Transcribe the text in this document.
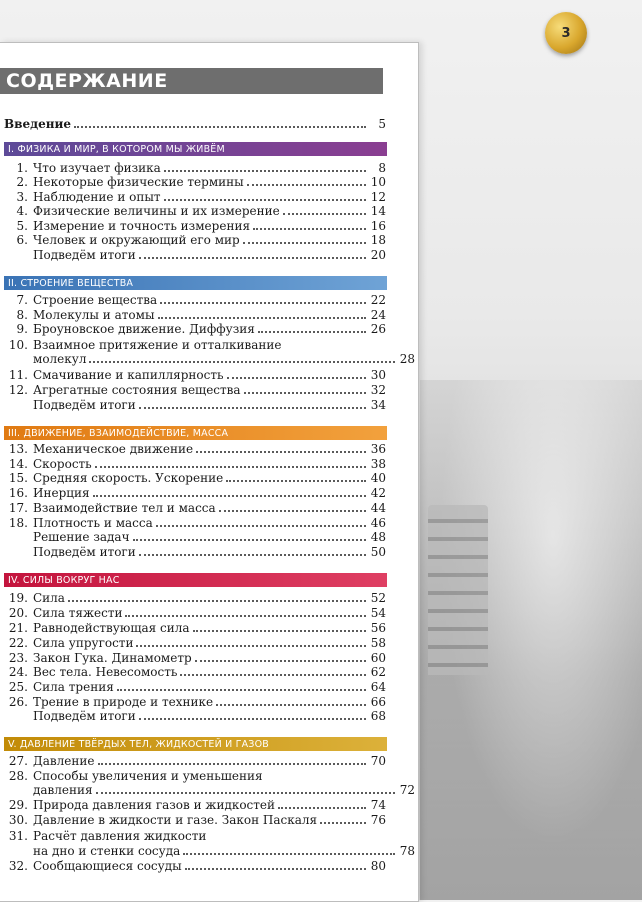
3
СОДЕРЖАНИЕ
Введение	5
I. ФИЗИКА И МИР, В КОТОРОМ МЫ ЖИВЁМ
1. Что изучает физика	8
2. Некоторые физические термины	10
3. Наблюдение и опыт	12
4. Физические величины и их измерение	14
5. Измерение и точность измерения	16
6. Человек и окружающий его мир	18
Подведём итоги	20
II. СТРОЕНИЕ ВЕЩЕСТВА
7. Строение вещества	22
8. Молекулы и атомы	24
9. Броуновское движение. Диффузия	26
10. Взаимное притяжение и отталкивание
молекул	28
11. Смачивание и капиллярность	30
12. Агрегатные состояния вещества	32
Подведём итоги	34
III. ДВИЖЕНИЕ, ВЗАИМОДЕЙСТВИЕ, МАССА
13. Механическое движение	36
14. Скорость	38
15. Средняя скорость. Ускорение	40
16. Инерция	42
17. Взаимодействие тел и масса	44
18. Плотность и масса	46
Решение задач	48
Подведём итоги	50
IV. СИЛЫ ВОКРУГ НАС
19. Сила	52
20. Сила тяжести	54
21. Равнодействующая сила	56
22. Сила упругости	58
23. Закон Гука. Динамометр	60
24. Вес тела. Невесомость	62
25. Сила трения	64
26. Трение в природе и технике	66
Подведём итоги	68
V. ДАВЛЕНИЕ ТВЁРДЫХ ТЕЛ, ЖИДКОСТЕЙ И ГАЗОВ
27. Давление	70
28. Способы увеличения и уменьшения
давления	72
29. Природа давления газов и жидкостей	74
30. Давление в жидкости и газе. Закон Паскаля	76
31. Расчёт давления жидкости
на дно и стенки сосуда	78
32. Сообщающиеся сосуды	80
